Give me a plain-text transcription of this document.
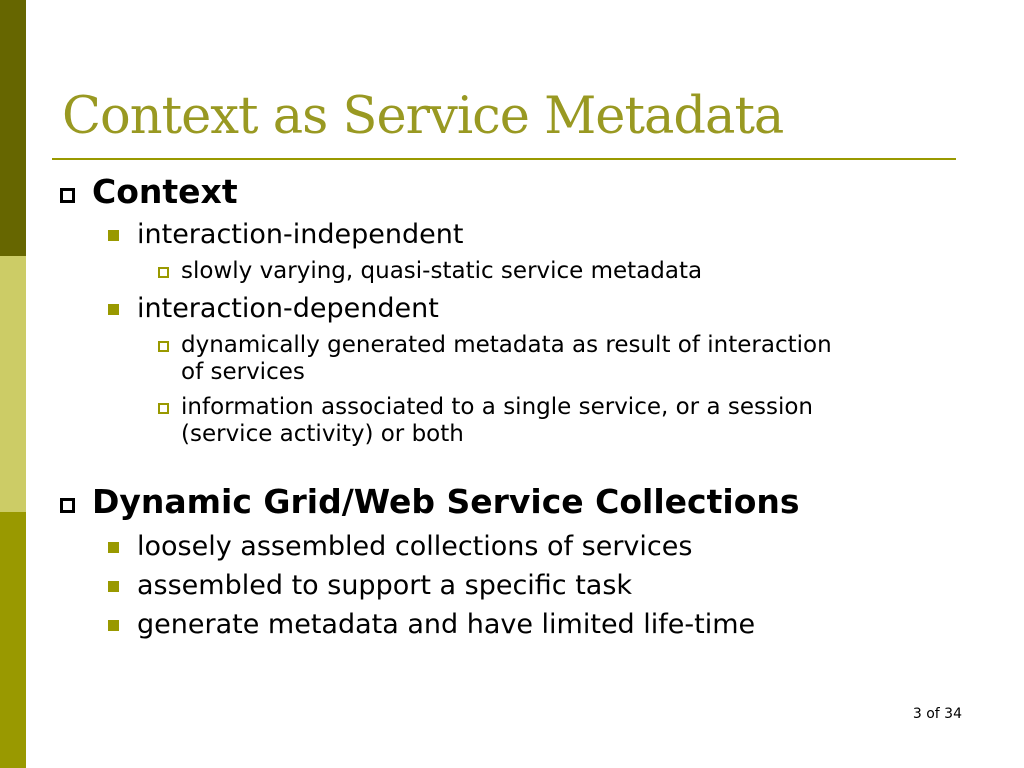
Context as Service Metadata
Context
interaction-independent
slowly varying, quasi-static service metadata
interaction-dependent
dynamically generated metadata as result of interaction
of services
information associated to a single service, or a session
(service activity) or both
Dynamic Grid/Web Service Collections
loosely assembled collections of services
assembled to support a specific task
generate metadata and have limited life-time
3 of 34
